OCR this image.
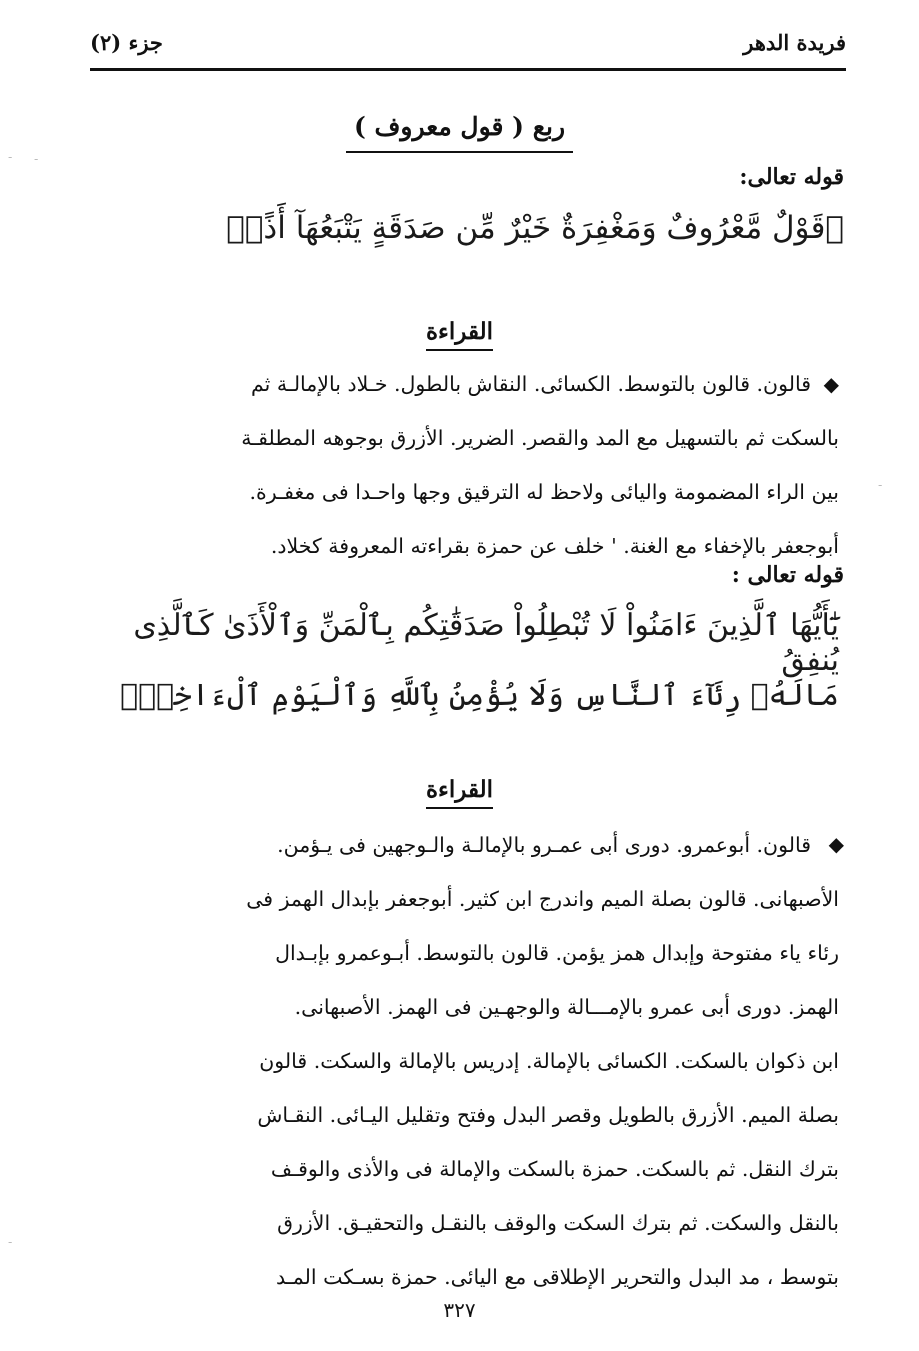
فريدة الدهر
جزء (٢)
ربع ( قول معروف )
قوله تعالى:
﴿قَوْلٌ مَّعْرُوفٌ وَمَغْفِرَةٌ خَيْرٌ مِّن صَدَقَةٍ يَتْبَعُهَآ أَذًىۗ
القراءة
◆
قالون. قالون بالتوسط. الكسائى. النقاش بالطول. خـلاد بالإمالـة ثم
بالسكت ثم بالتسهيل مع المد والقصر. الضرير. الأزرق بوجوهه المطلقـة
بين الراء المضمومة واليائى ولاحظ له الترقيق وجها واحـدا فى مغفـرة.
أبوجعفر بالإخفاء مع الغنة. ' خلف عن حمزة بقراءته المعروفة كخلاد.
قوله تعالى :
يَٰٓأَيُّهَا ٱلَّذِينَ ءَامَنُواْ لَا تُبْطِلُواْ صَدَقَٰتِكُم بِٱلْمَنِّ وَٱلْأَذَىٰ كَٱلَّذِى يُنفِقُ
مَالَهُۥ رِئَآءَ ٱلنَّاسِ وَلَا يُؤْمِنُ بِٱللَّهِ وَٱلْيَوْمِ ٱلْءَاخِرِۖ
القراءة
◆
قالون. أبوعمرو. دورى أبى عمـرو بالإمالـة والـوجهين فى يـؤمن.
الأصبهانى. قالون بصلة الميم واندرج ابن كثير. أبوجعفر بإبدال الهمز فى
رئاء ياء مفتوحة وإبدال همز يؤمن. قالون بالتوسط. أبـوعمرو بإبـدال
الهمز. دورى أبى عمرو بالإمـــالة والوجهـين فى الهمز. الأصبهانى.
ابن ذكوان بالسكت. الكسائى بالإمالة. إدريس بالإمالة والسكت. قالون
بصلة الميم. الأزرق بالطويل وقصر البدل وفتح وتقليل اليـائى. النقـاش
بترك النقل. ثم بالسكت. حمزة بالسكت والإمالة فى والأذى والوقـف
بالنقل والسكت. ثم بترك السكت والوقف بالنقـل والتحقيـق. الأزرق
بتوسط ، مد البدل والتحرير الإطلاقى مع اليائى. حمزة بسـكت المـد
٣٢٧
- -
-
-
